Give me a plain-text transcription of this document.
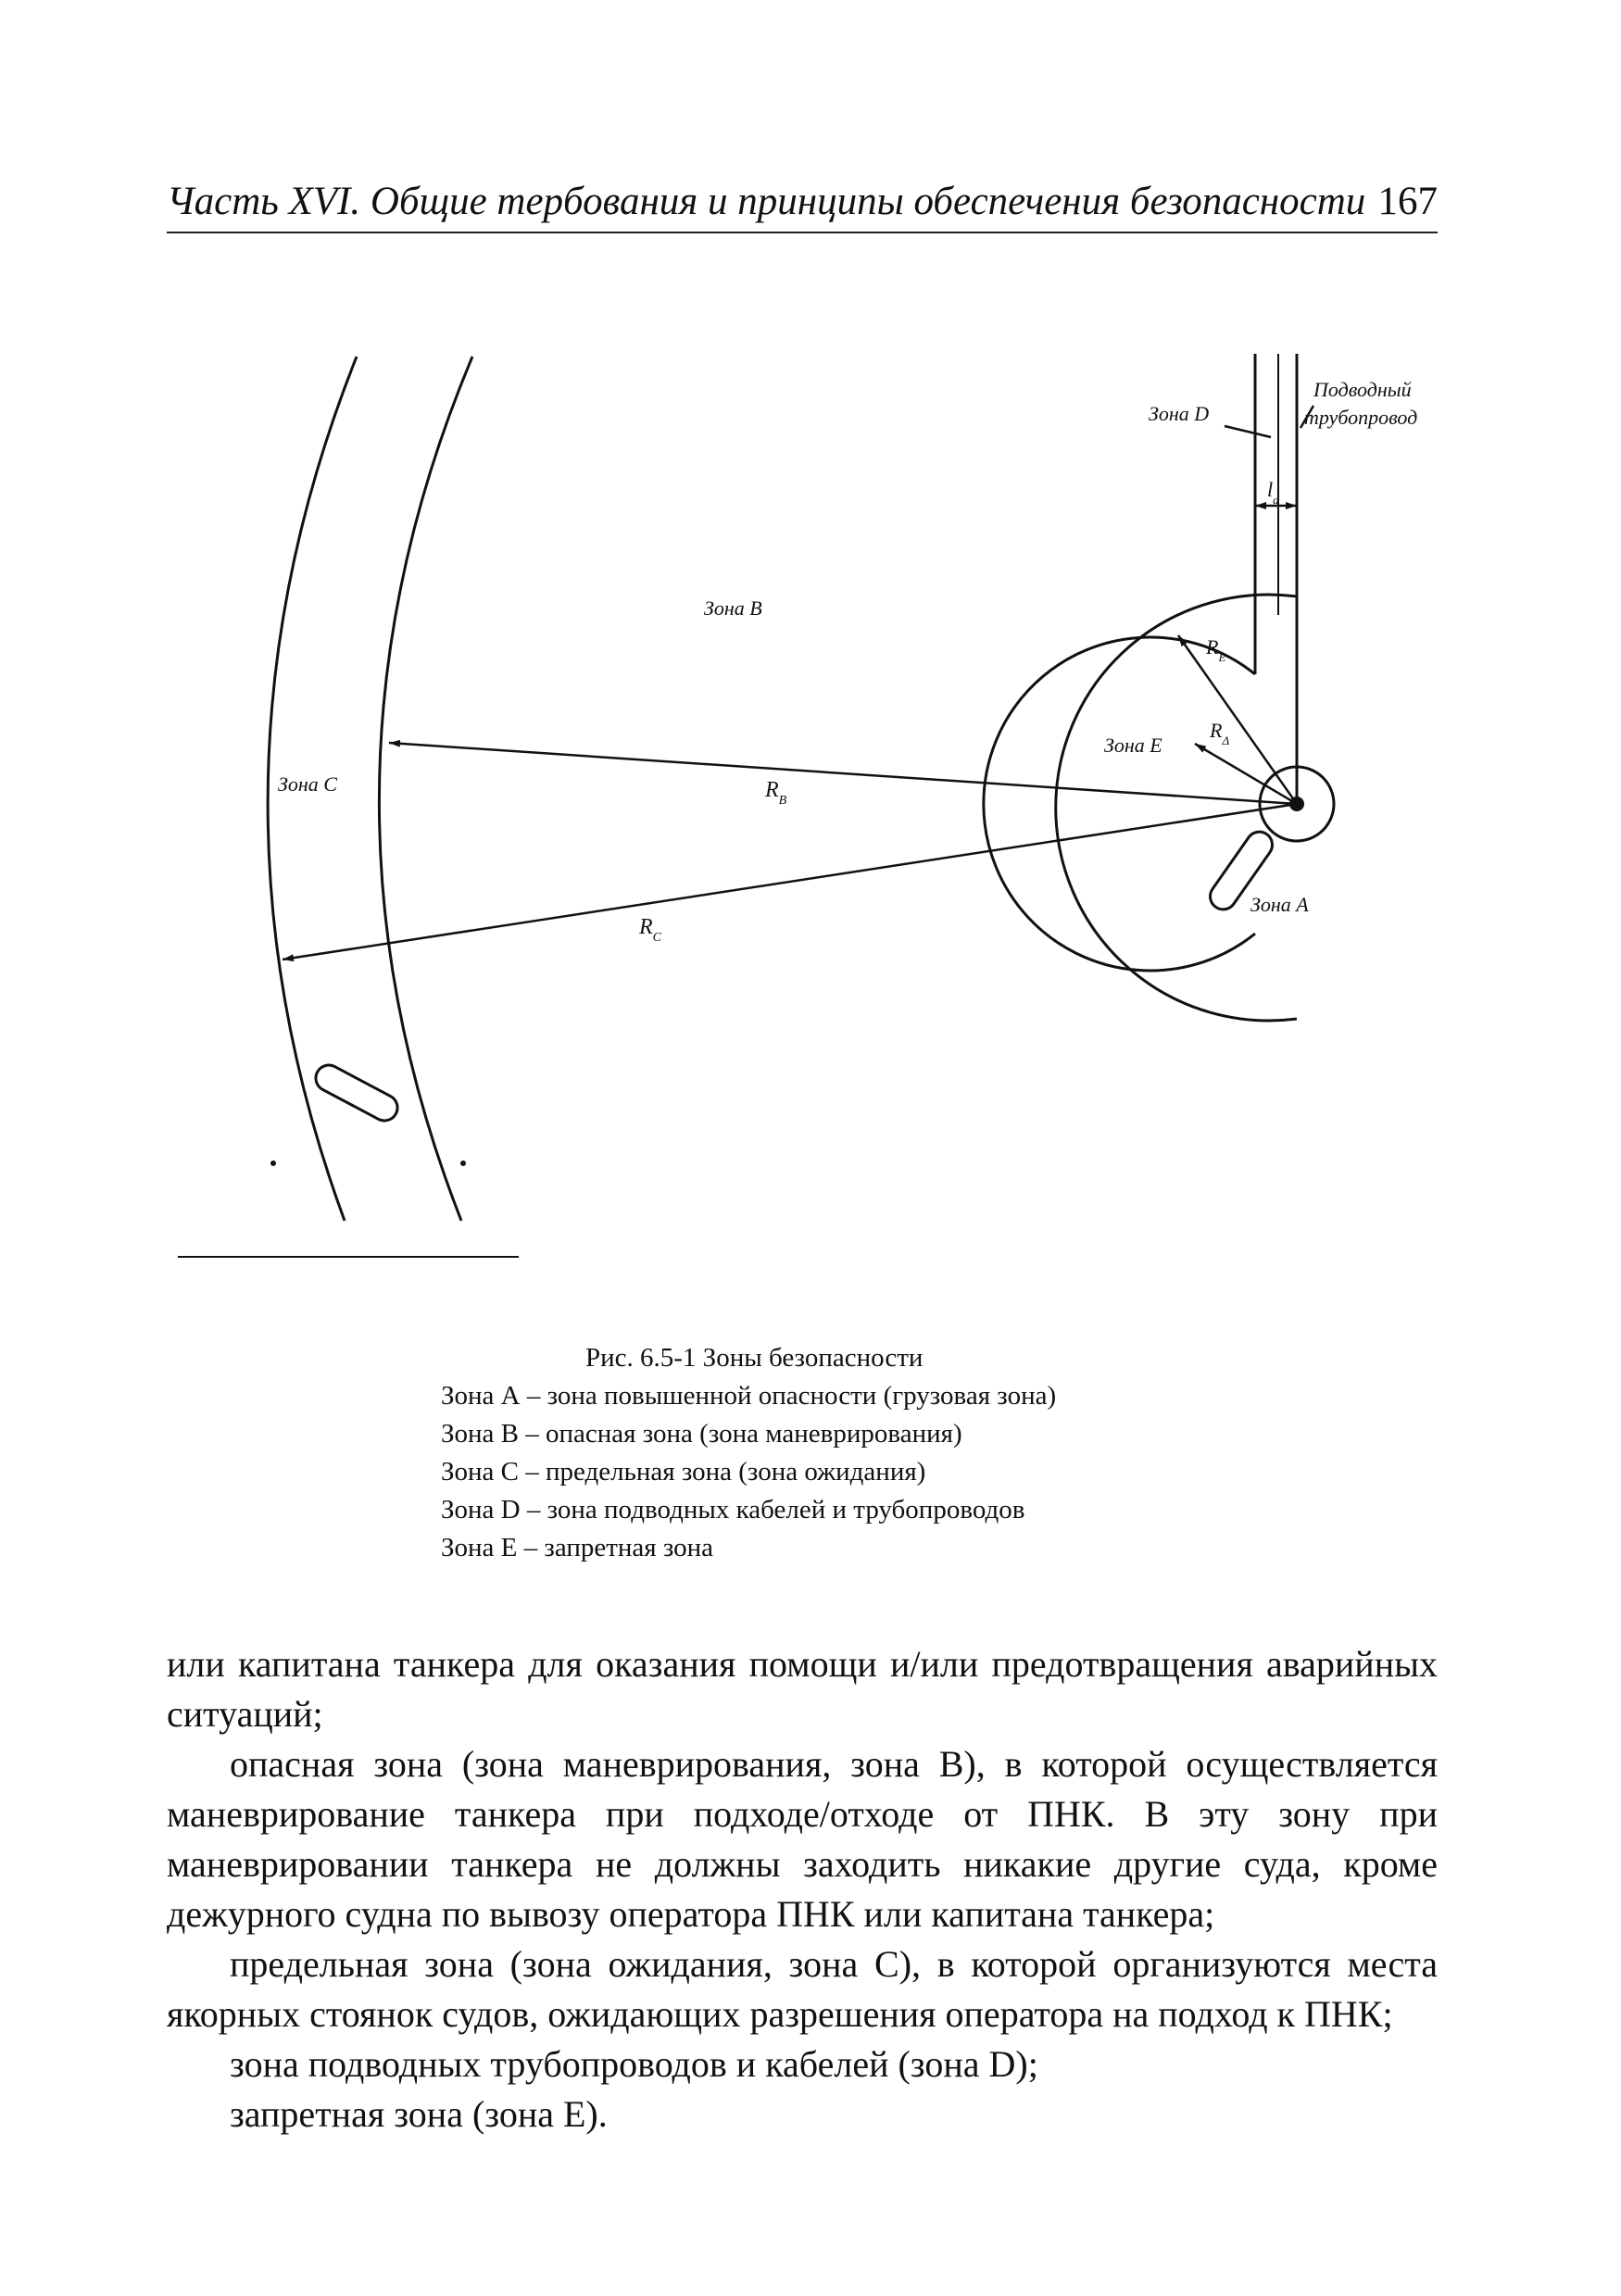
Часть XVI. Общие тербования и принципы обеспечения безопасности 167
Зона B
Зона C
Зона A
Зона D
Зона E
Подводный
трубопровод
$R_B$
$R_C$
$R_E$
$R_\Delta$
$l_d$
Рис. 6.5-1 Зоны безопасности
Зона А – зона повышенной опасности (грузовая зона)
Зона В – опасная зона (зона маневрирования)
Зона С – предельная зона (зона ожидания)
Зона D – зона подводных кабелей и трубопроводов
Зона Е – запретная зона

или капитана танкера для оказания помощи и/или предотвращения аварийных ситуаций;

опасная зона (зона маневрирования, зона B), в которой осуществляется маневрирование танкера при подходе/отходе от ПНК. В эту зону при маневрировании танкера не должны заходить никакие другие суда, кроме дежурного судна по вывозу оператора ПНК или капитана танкера;

предельная зона (зона ожидания, зона C), в которой организуются места якорных стоянок судов, ожидающих разрешения оператора на подход к ПНК;

зона подводных трубопроводов и кабелей (зона D);

запретная зона (зона E).
